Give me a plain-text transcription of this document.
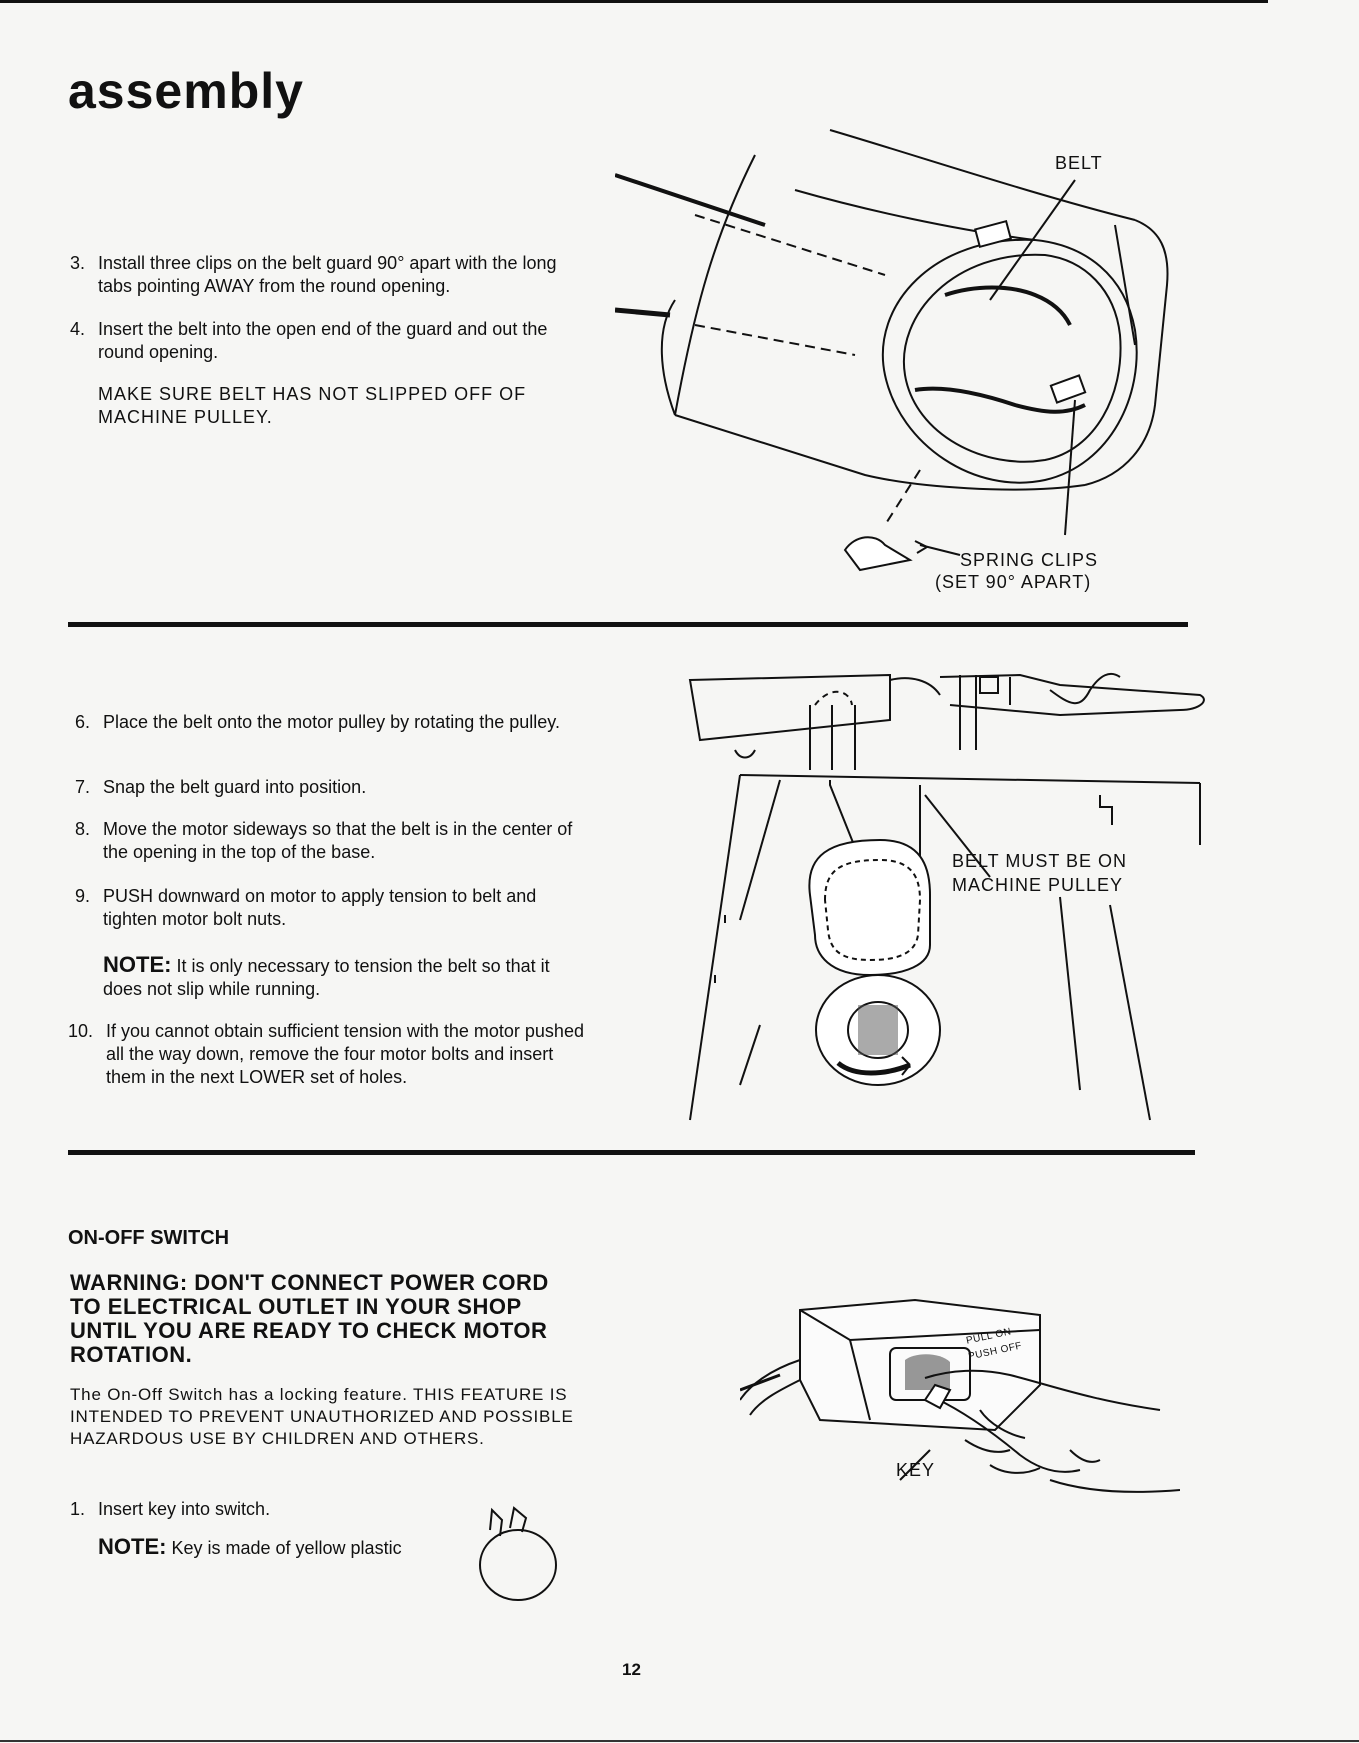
assembly
3. Install three clips on the belt guard 90° apart with the long tabs pointing AWAY from the round opening.
4. Insert the belt into the open end of the guard and out the round opening.
MAKE SURE BELT HAS NOT SLIPPED OFF OF MACHINE PULLEY.
BELT
SPRING CLIPS
(SET 90° APART)
6. Place the belt onto the motor pulley by rotating the pulley.
7. Snap the belt guard into position.
8. Move the motor sideways so that the belt is in the center of the opening in the top of the base.
9. PUSH downward on motor to apply tension to belt and tighten motor bolt nuts.
NOTE: It is only necessary to tension the belt so that it does not slip while running.
10. If you cannot obtain sufficient tension with the motor pushed all the way down, remove the four motor bolts and insert them in the next LOWER set of holes.
BELT MUST BE ON
MACHINE PULLEY
ON-OFF SWITCH
WARNING: DON'T CONNECT POWER CORD TO ELECTRICAL OUTLET IN YOUR SHOP UNTIL YOU ARE READY TO CHECK MOTOR ROTATION.
The On-Off Switch has a locking feature. THIS FEATURE IS INTENDED TO PREVENT UNAUTHORIZED AND POSSIBLE HAZARDOUS USE BY CHILDREN AND OTHERS.
1. Insert key into switch.
NOTE: Key is made of yellow plastic
PULL ON
PUSH OFF
KEY
12
